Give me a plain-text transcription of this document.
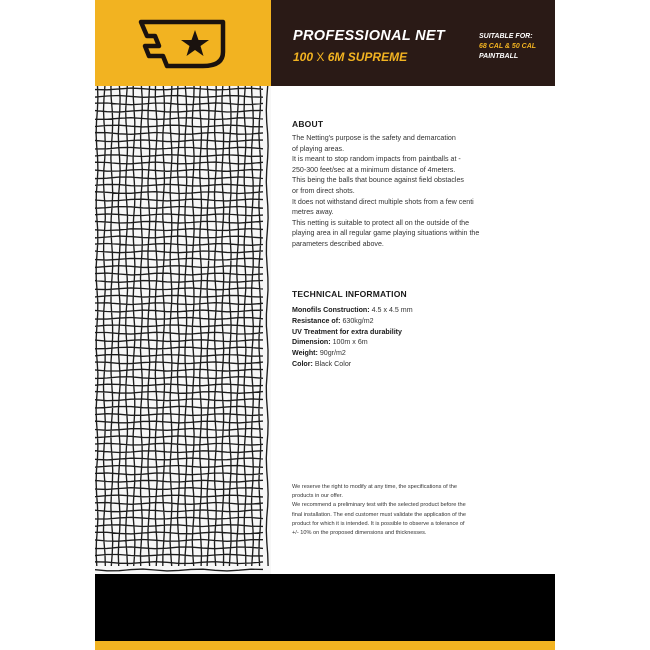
PROFESSIONAL NET

100 X 6M SUPREME

SUITABLE FOR:
68 CAL & 50 CAL
PAINTBALL

ABOUT

The Netting's purpose is the safety and demarcation

of playing areas.

It is meant to stop random impacts from paintballs at -

250-300 feet/sec at a minimum distance of 4meters.

This being the balls that bounce against field obstacles

or from direct shots.

It does not withstand direct multiple shots from a few centi

metres away.

This netting is suitable to protect all on the outside of the

playing area in all regular game playing situations within the

parameters described above.

TECHNICAL INFORMATION

Monofils Construction: 4.5 x 4.5 mm

Resistance of: 630kg/m2

UV Treatment for extra durability

Dimension: 100m x 6m

Weight: 90gr/m2

Color: Black Color

We reserve the right to modify at any time, the specifications of the

products in our offer.

We recommend a preliminary test with the selected product before the

final installation. The end customer must validate the application of the

product for which it is intended. It is possible to observe a tolerance of

+/- 10% on the proposed dimensions and thicknesses.
